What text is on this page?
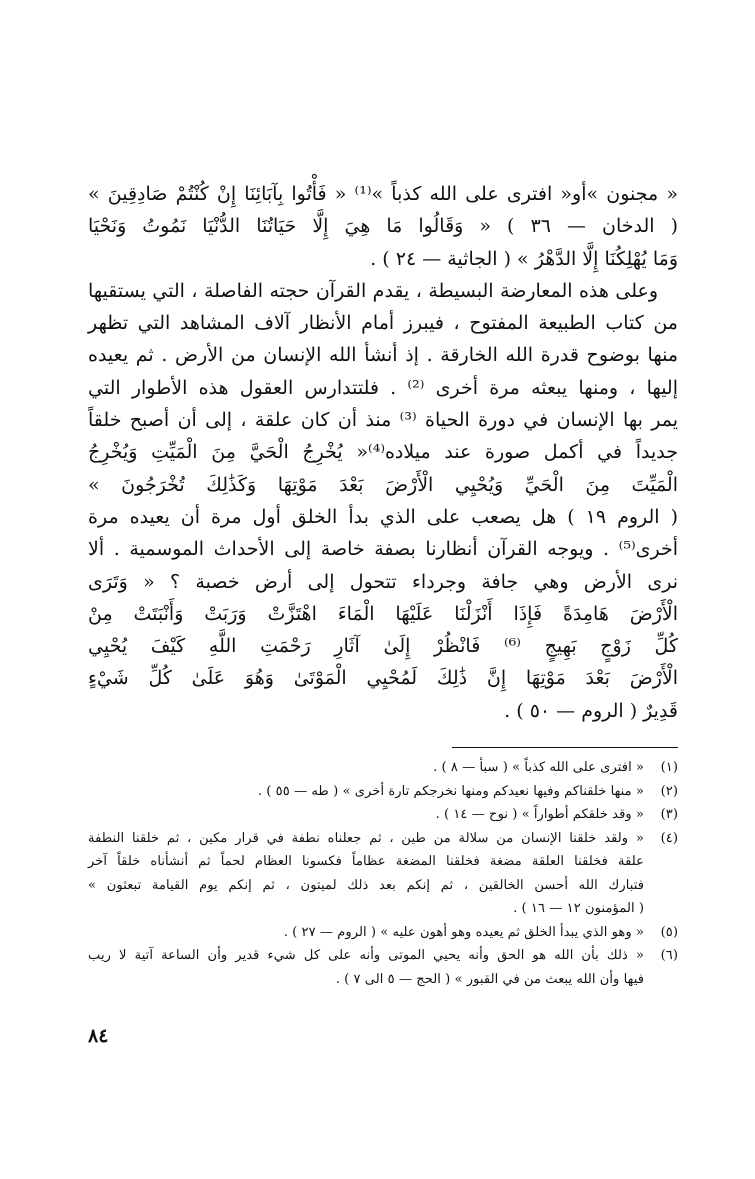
« مجنون »أو« افترى على الله كذباً »⁽¹⁾ « فَأْتُوا بِآبَائِنَا إِنْ كُنْتُمْ صَادِقِينَ »
( الدخان — ٣٦ ) « وَقَالُوا مَا هِيَ إِلَّا حَيَاتُنَا الدُّنْيَا نَمُوتُ وَنَحْيَا
وَمَا يُهْلِكُنَا إِلَّا الدَّهْرُ » ( الجاثية — ٢٤ ) .
وعلى هذه المعارضة البسيطة ، يقدم القرآن حجته الفاصلة ، التي يستقيها
من كتاب الطبيعة المفتوح ، فيبرز أمام الأنظار آلاف المشاهد التي تظهر
منها بوضوح قدرة الله الخارقة . إذ أنشأ الله الإنسان من الأرض . ثم يعيده
إليها ، ومنها يبعثه مرة أخرى ⁽²⁾ . فلتتدارس العقول هذه الأطوار التي
يمر بها الإنسان في دورة الحياة ⁽³⁾ منذ أن كان علقة ، إلى أن أصبح خلقاً
جديداً في أكمل صورة عند ميلاده⁽⁴⁾« يُخْرِجُ الْحَيَّ مِنَ الْمَيِّتِ وَيُخْرِجُ
الْمَيِّتَ مِنَ الْحَيِّ وَيُحْيِي الْأَرْضَ بَعْدَ مَوْتِهَا وَكَذَٰلِكَ تُخْرَجُونَ »
( الروم ١٩ ) هل يصعب على الذي بدأ الخلق أول مرة أن يعيده مرة
أخرى⁽⁵⁾ . ويوجه القرآن أنظارنا بصفة خاصة إلى الأحداث الموسمية . ألا
نرى الأرض وهي جافة وجرداء تتحول إلى أرض خصبة ؟ « وَتَرَى
الْأَرْضَ هَامِدَةً فَإِذَا أَنْزَلْنَا عَلَيْهَا الْمَاءَ اهْتَزَّتْ وَرَبَتْ وَأَنْبَتَتْ مِنْ
كُلِّ زَوْجٍ بَهِيجٍ ⁽⁶⁾ فَانْظُرْ إِلَىٰ آثَارِ رَحْمَتِ اللَّهِ كَيْفَ يُحْيِي
الْأَرْضَ بَعْدَ مَوْتِهَا إِنَّ ذَٰلِكَ لَمُحْيِي الْمَوْتَىٰ وَهُوَ عَلَىٰ كُلِّ شَيْءٍ
قَدِيرٌ ( الروم — ٥٠ ) .
(١)
« افترى على الله كذباً » ( سبأ — ٨ ) .
(٢)
« منها خلقناكم وفيها نعيدكم ومنها نخرجكم تارة أخرى » ( طه — ٥٥ ) .
(٣)
« وقد خلقكم أطواراً » ( نوح — ١٤ ) .
(٤)
« ولقد خلقنا الإنسان من سلالة من طين ، ثم جعلناه نطفة في قرار مكين ، ثم خلقنا النطفة
علقة فخلقنا العلقة مضغة فخلقنا المضغة عظاماً فكسونا العظام لحماً ثم أنشأناه خلقاً آخر
فتبارك الله أحسن الخالقين ، ثم إنكم بعد ذلك لميتون ، ثم إنكم يوم القيامة تبعثون »
( المؤمنون ١٢ — ١٦ ) .
(٥)
« وهو الذي يبدأ الخلق ثم يعيده وهو أهون عليه » ( الروم — ٢٧ ) .
(٦)
« ذلك بأن الله هو الحق وأنه يحيي الموتى وأنه على كل شيء قدير وأن الساعة آتية لا ريب
فيها وأن الله يبعث من في القبور » ( الحج — ٥ الى ٧ ) .
٨٤
